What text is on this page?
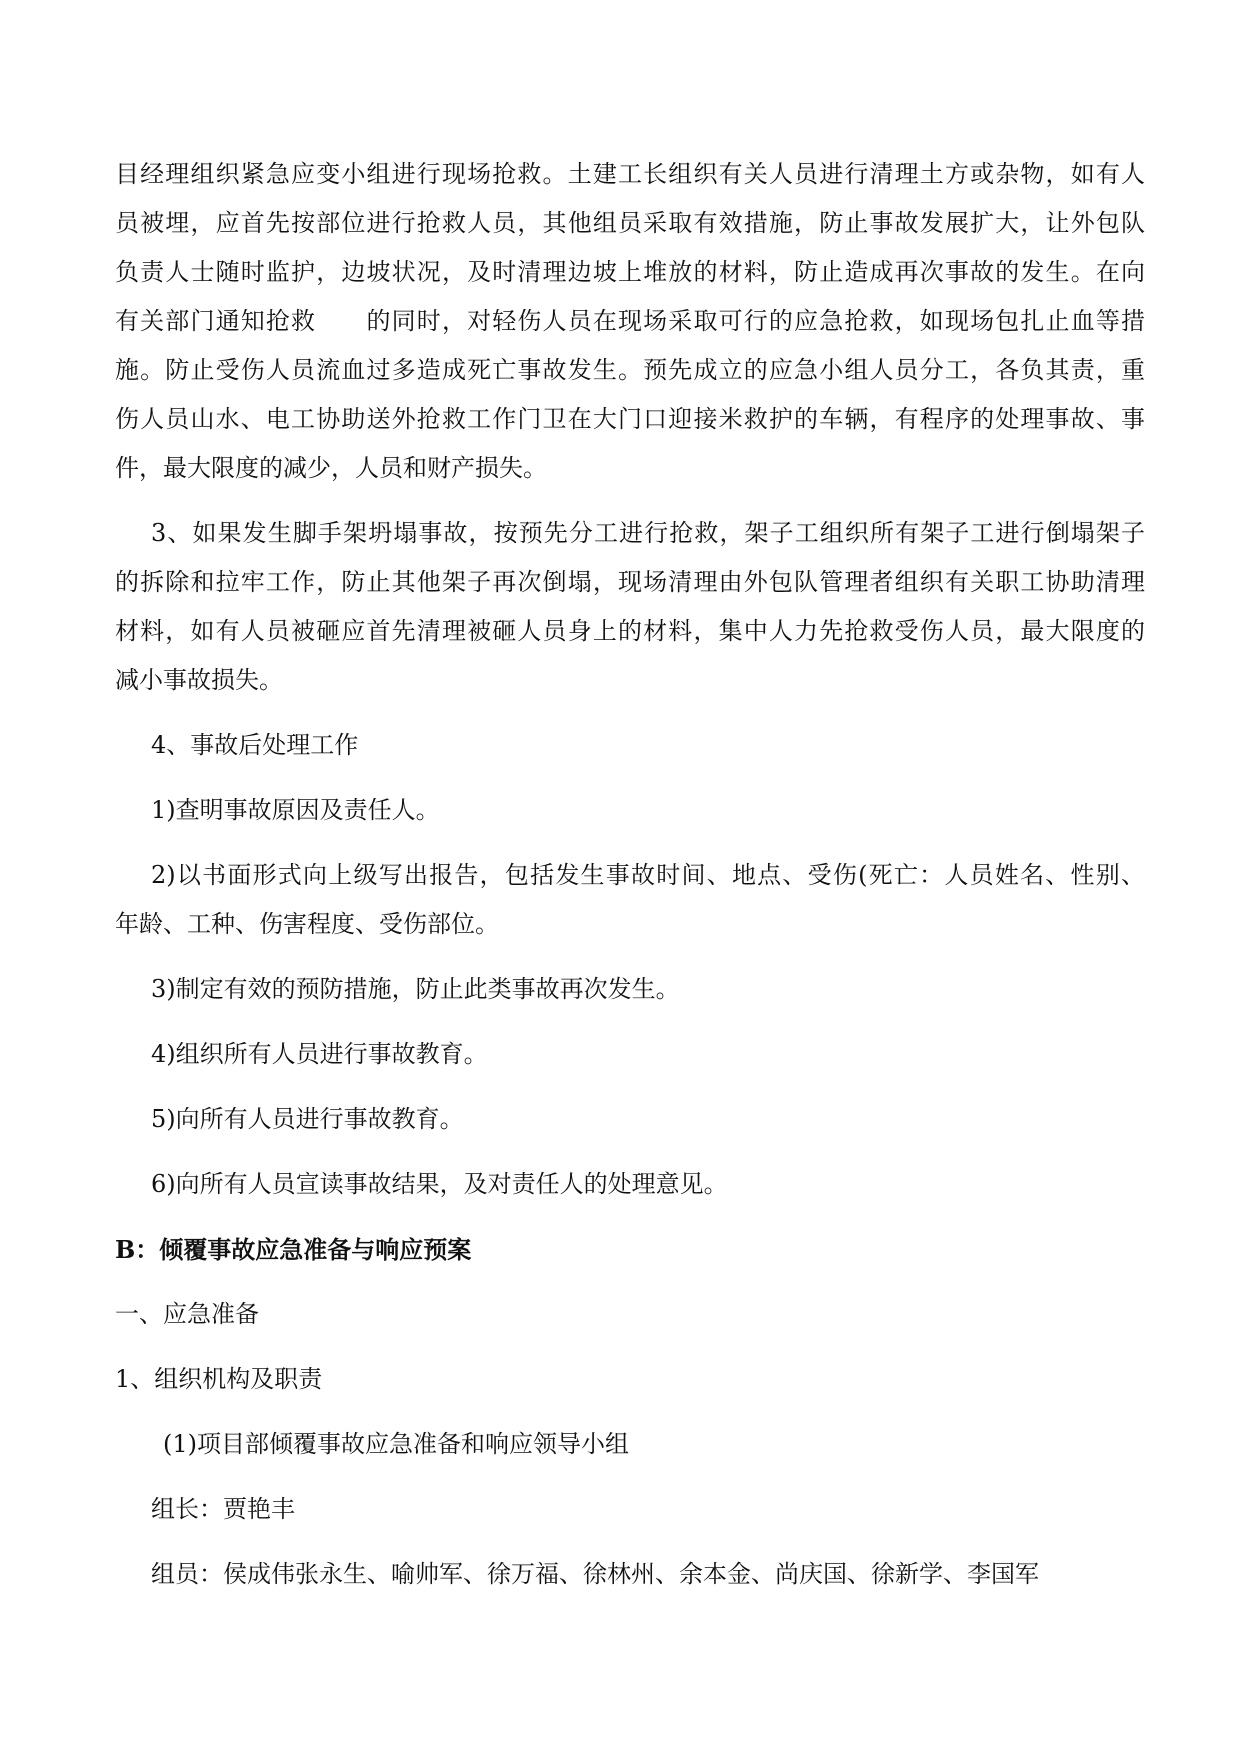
目经理组织紧急应变小组进行现场抢救。土建工长组织有关人员进行清理土方或杂物，如有人

员被埋，应首先按部位进行抢救人员，其他组员采取有效措施，防止事故发展扩大，让外包队

负责人士随时监护，边坡状况，及时清理边坡上堆放的材料，防止造成再次事故的发生。在向

有关部门通知抢救　　的同时，对轻伤人员在现场采取可行的应急抢救，如现场包扎止血等措

施。防止受伤人员流血过多造成死亡事故发生。预先成立的应急小组人员分工，各负其责，重

伤人员山水、电工协助送外抢救工作门卫在大门口迎接米救护的车辆，有程序的处理事故、事

件，最大限度的减少，人员和财产损失。

3、如果发生脚手架坍塌事故，按预先分工进行抢救，架子工组织所有架子工进行倒塌架子

的拆除和拉牢工作，防止其他架子再次倒塌，现场清理由外包队管理者组织有关职工协助清理

材料，如有人员被砸应首先清理被砸人员身上的材料，集中人力先抢救受伤人员，最大限度的

减小事故损失。

4、事故后处理工作

1)查明事故原因及责任人。

2)以书面形式向上级写出报告，包括发生事故时间、地点、受伤(死亡：人员姓名、性别、

年龄、工种、伤害程度、受伤部位。

3)制定有效的预防措施，防止此类事故再次发生。

4)组织所有人员进行事故教育。

5)向所有人员进行事故教育。

6)向所有人员宣读事故结果，及对责任人的处理意见。

B：倾覆事故应急准备与响应预案

一、应急准备

1、组织机构及职责

(1)项目部倾覆事故应急准备和响应领导小组

组长：贾艳丰

组员：侯成伟张永生、喻帅军、徐万福、徐林州、余本金、尚庆国、徐新学、李国军
